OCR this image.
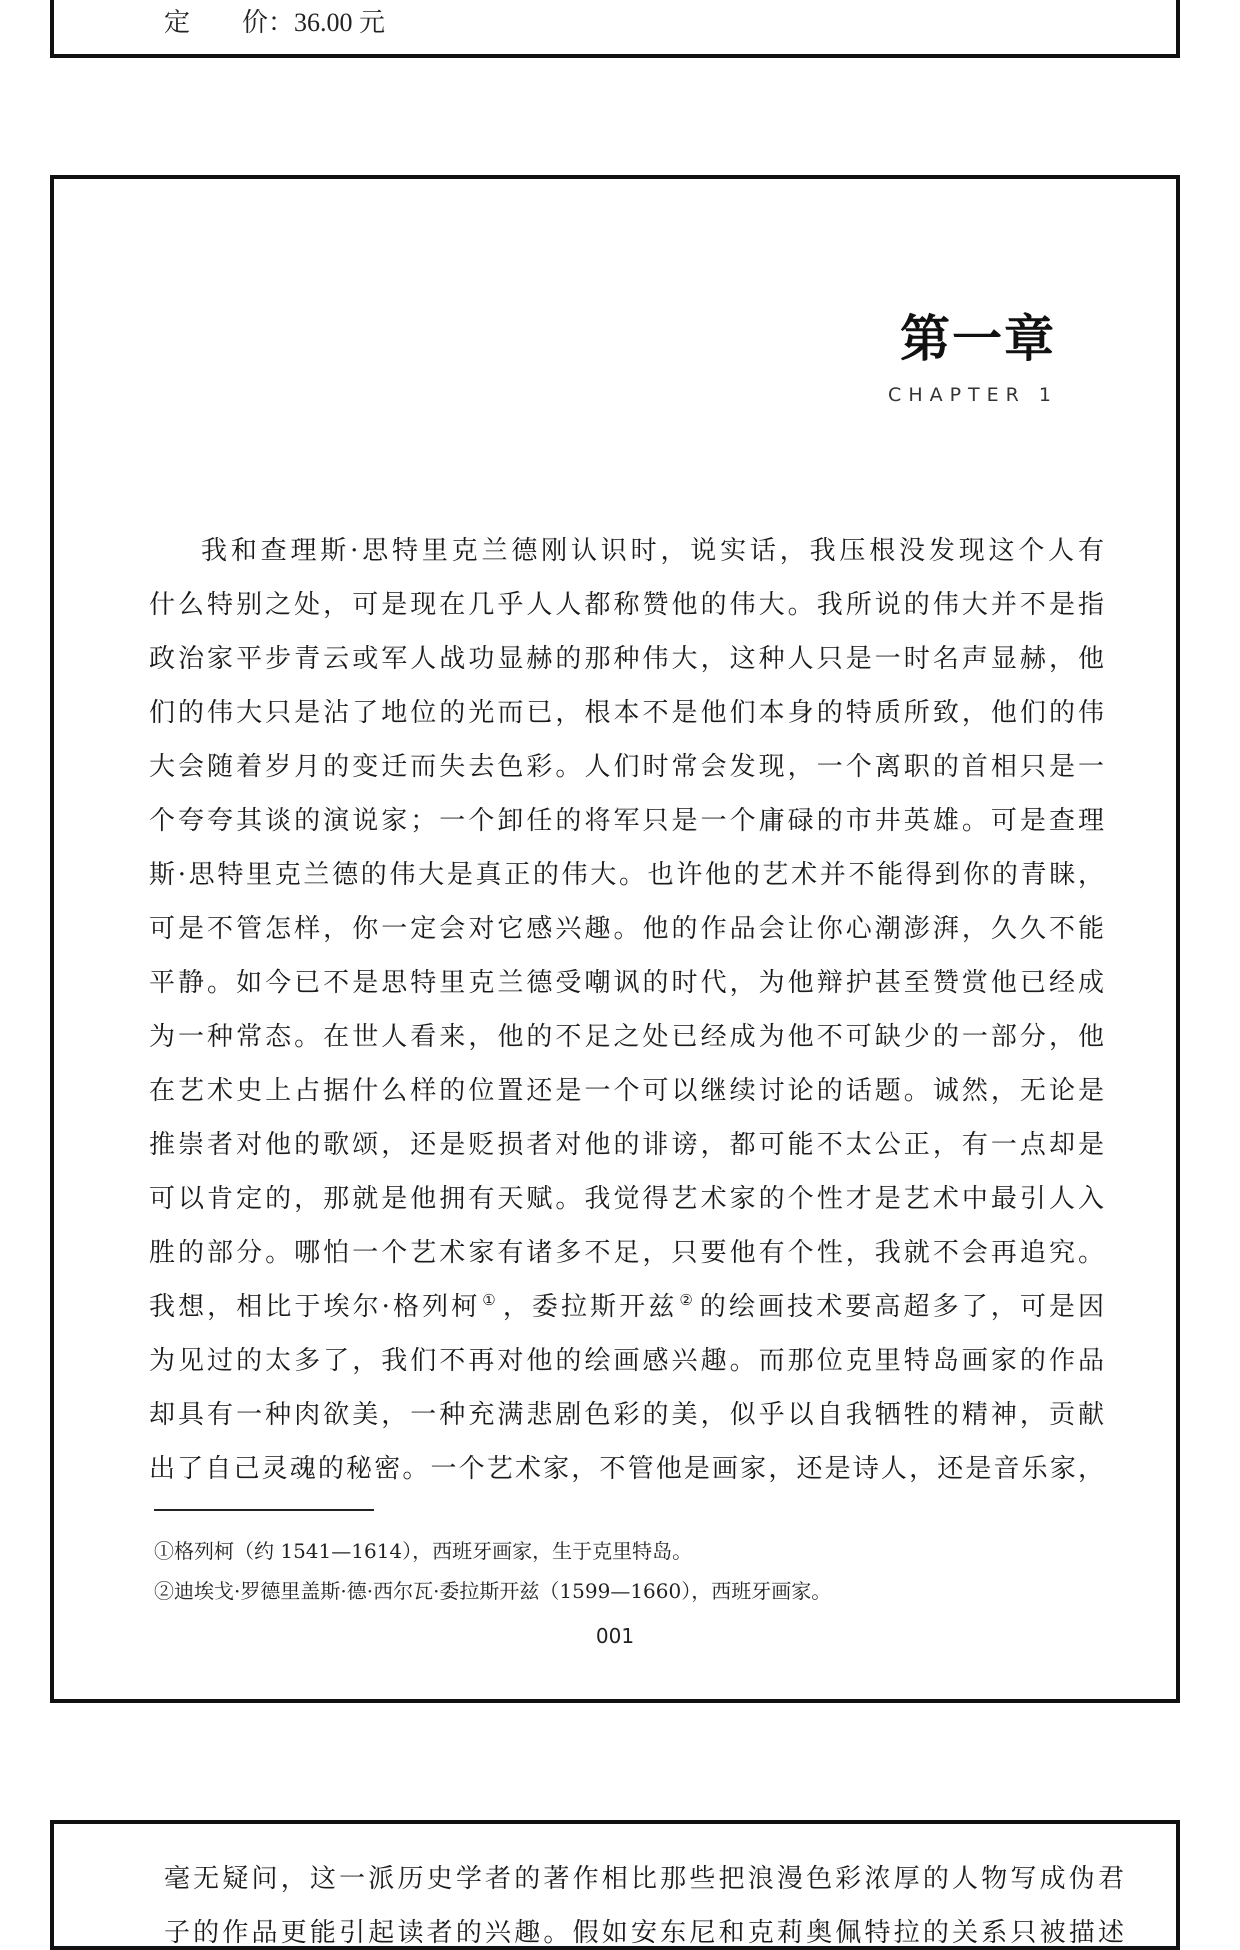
定　　价：36.00 元
第一章
CHAPTER 1
我和查理斯·思特里克兰德刚认识时，说实话，我压根没发现这个人有
什么特别之处，可是现在几乎人人都称赞他的伟大。我所说的伟大并不是指
政治家平步青云或军人战功显赫的那种伟大，这种人只是一时名声显赫，他
们的伟大只是沾了地位的光而已，根本不是他们本身的特质所致，他们的伟
大会随着岁月的变迁而失去色彩。人们时常会发现，一个离职的首相只是一
个夸夸其谈的演说家；一个卸任的将军只是一个庸碌的市井英雄。可是查理
斯·思特里克兰德的伟大是真正的伟大。也许他的艺术并不能得到你的青睐，
可是不管怎样，你一定会对它感兴趣。他的作品会让你心潮澎湃，久久不能
平静。如今已不是思特里克兰德受嘲讽的时代，为他辩护甚至赞赏他已经成
为一种常态。在世人看来，他的不足之处已经成为他不可缺少的一部分，他
在艺术史上占据什么样的位置还是一个可以继续讨论的话题。诚然，无论是
推崇者对他的歌颂，还是贬损者对他的诽谤，都可能不太公正，有一点却是
可以肯定的，那就是他拥有天赋。我觉得艺术家的个性才是艺术中最引人入
胜的部分。哪怕一个艺术家有诸多不足，只要他有个性，我就不会再追究。
我想，相比于埃尔·格列柯 ① ，委拉斯开兹 ② 的绘画技术要高超多了，可是因
为见过的太多了，我们不再对他的绘画感兴趣。而那位克里特岛画家的作品
却具有一种肉欲美，一种充满悲剧色彩的美，似乎以自我牺牲的精神，贡献
出了自己灵魂的秘密。一个艺术家，不管他是画家，还是诗人，还是音乐家，
①格列柯（约 1541—1614），西班牙画家，生于克里特岛。
②迪埃戈·罗德里盖斯·德·西尔瓦·委拉斯开兹（1599—1660），西班牙画家。
001
毫无疑问，这一派历史学者的著作相比那些把浪漫色彩浓厚的人物写成伪君
子的作品更能引起读者的兴趣。假如安东尼和克莉奥佩特拉的关系只被描述
